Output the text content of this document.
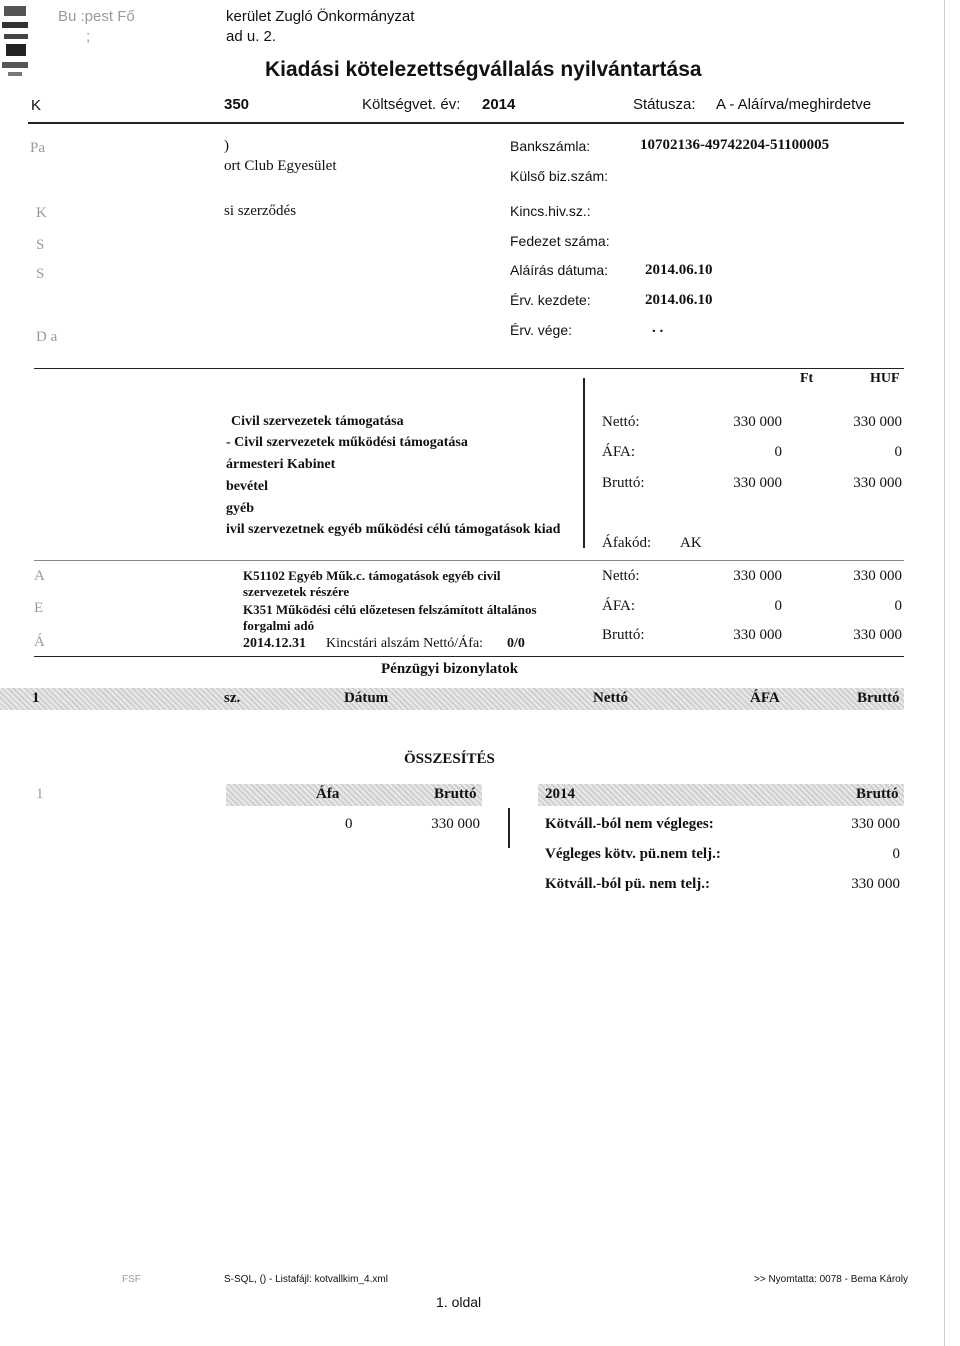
Bu :pest Fő	kerület Zugló Önkormányzat
;	ad u. 2.
Kiadási kötelezettségvállalás nyilvántartása
K	350	Költségvet. év: 2014	Státusza: A - Aláírva/meghirdetve
Pa	)
ort Club Egyesület
K	si szerződés
S
S
D a
Bankszámla:	10702136-49742204-51100005
Külső biz.szám:
Kincs.hiv.sz.:
Fedezet száma:
Aláírás dátuma: 2014.06.10
Érv. kezdete:	2014.06.10
Érv. vége:	. .
Ft	HUF
Civil szervezetek támogatása
- Civil szervezetek működési támogatása
ármesteri Kabinet
bevétel
gyéb
ivil szervezetnek egyéb működési célú támogatások kiad
Nettó:	330 000	330 000
ÁFA:	0	0
Bruttó:	330 000	330 000
Áfakód: AK
A
E
Á
K51102 Egyéb Műk.c. támogatások egyéb civil
szervezetek részére
K351 Működési célú előzetesen felszámított általános
forgalmi adó
2014.12.31 Kincstári alszám Nettó/Áfa: 0/0
Nettó:	330 000	330 000
ÁFA:	0	0
Bruttó:	330 000	330 000
Pénzügyi bizonylatok
1	sz.	Dátum	Nettó	ÁFA	Bruttó
ÖSSZESÍTÉS
Áfa	Bruttó
1
0	330 000
2014	Bruttó
Kötváll.-ból nem végleges:	330 000
Végleges kötv. pü.nem telj.:	0
Kötváll.-ból pü. nem telj.:	330 000
FSF	S-SQL, () - Listafájl: kotvallkim_4.xml	>> Nyomtatta: 0078 - Bema Károly
1. oldal
